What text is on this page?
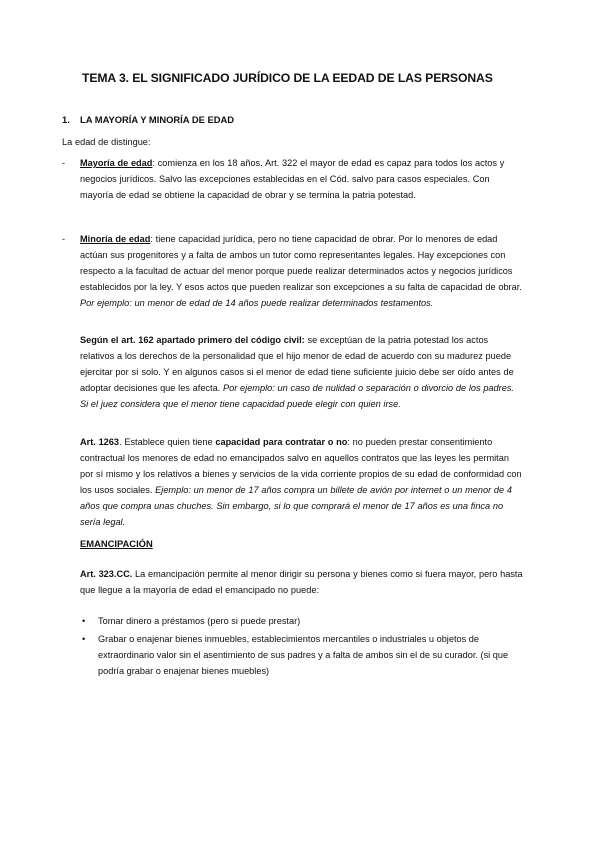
TEMA 3. EL SIGNIFICADO JURÍDICO DE LA EEDAD DE LAS PERSONAS
1. LA MAYORÍA Y MINORÍA DE EDAD

La edad de distingue:

- Mayoría de edad: comienza en los 18 años. Art. 322 el mayor de edad es capaz para todos los actos y negocios jurídicos. Salvo las excepciones establecidas en el Cód. salvo para casos especiales. Con mayoría de edad se obtiene la capacidad de obrar y se termina la patria potestad.
- Minoría de edad: tiene capacidad jurídica, pero no tiene capacidad de obrar. Por lo menores de edad actúan sus progenitores y a falta de ambos un tutor como representantes legales. Hay excepciones con respecto a la facultad de actuar del menor porque puede realizar determinados actos y negocios jurídicos establecidos por la ley. Y esos actos que pueden realizar son excepciones a su falta de capacidad de obrar. Por ejemplo: un menor de edad de 14 años puede realizar determinados testamentos.

Según el art. 162 apartado primero del código civil: se exceptúan de la patria potestad los actos relativos a los derechos de la personalidad que el hijo menor de edad de acuerdo con su madurez puede ejercitar por sí solo. Y en algunos casos si el menor de edad tiene suficiente juicio debe ser oído antes de adoptar decisiones que les afecta. Por ejemplo: un caso de nulidad o separación o divorcio de los padres. Si el juez considera que el menor tiene capacidad puede elegir con quien irse.

Art. 1263. Establece quien tiene capacidad para contratar o no: no pueden prestar consentimiento contractual los menores de edad no emancipados salvo en aquellos contratos que las leyes les permitan por sí mismo y los relativos a bienes y servicios de la vida corriente propios de su edad de conformidad con los usos sociales. Ejemplo: un menor de 17 años compra un billete de avión por internet o un menor de 4 años que compra unas chuches. Sin embargo, si lo que comprará el menor de 17 años es una finca no sería legal.

EMANCIPACIÓN

Art. 323.CC. La emancipación permite al menor dirigir su persona y bienes como si fuera mayor, pero hasta que llegue a la mayoría de edad el emancipado no puede:

• Tomar dinero a préstamos (pero si puede prestar)
• Grabar o enajenar bienes inmuebles, establecimientos mercantiles o industriales u objetos de extraordinario valor sin el asentimiento de sus padres y a falta de ambos sin el de su curador. (si que podría grabar o enajenar bienes muebles)
